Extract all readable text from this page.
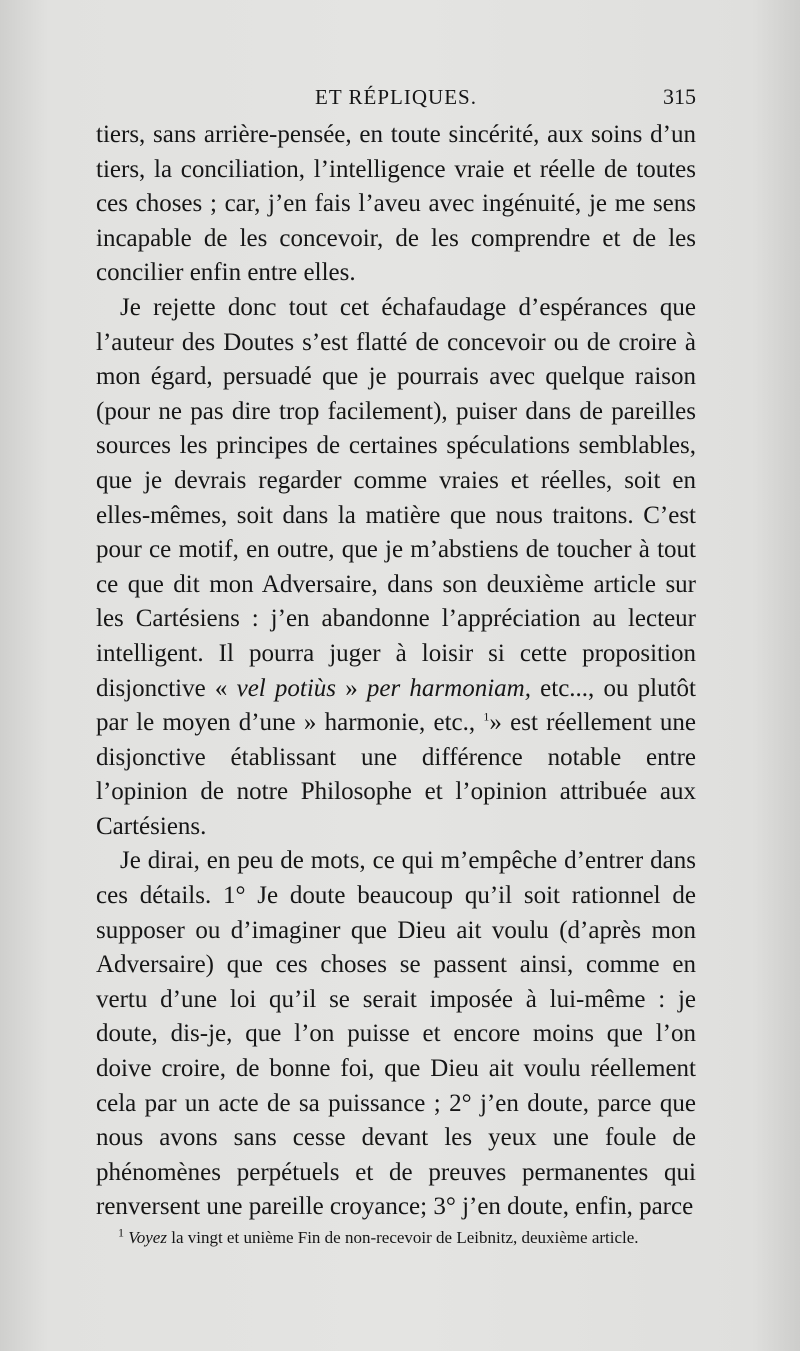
ET RÉPLIQUES.	315

tiers, sans arrière-pensée, en toute sincérité, aux soins d’un tiers, la conciliation, l’intelligence vraie et réelle de toutes ces choses ; car, j’en fais l’aveu avec ingénuité, je me sens incapable de les concevoir, de les comprendre et de les concilier enfin entre elles.

Je rejette donc tout cet échafaudage d’espérances que l’auteur des Doutes s’est flatté de concevoir ou de croire à mon égard, persuadé que je pourrais avec quelque raison (pour ne pas dire trop facilement), puiser dans de pareilles sources les principes de certaines spéculations semblables, que je devrais regarder comme vraies et réelles, soit en elles-mêmes, soit dans la matière que nous traitons. C’est pour ce motif, en outre, que je m’abstiens de toucher à tout ce que dit mon Adversaire, dans son deuxième article sur les Cartésiens : j’en abandonne l’appréciation au lecteur intelligent. Il pourra juger à loisir si cette proposition disjonctive « vel potiùs » per harmoniam, etc..., ou plutôt par le moyen d’une » harmonie, etc., $^1$» est réellement une disjonctive établissant une différence notable entre l’opinion de notre Philosophe et l’opinion attribuée aux Cartésiens.

Je dirai, en peu de mots, ce qui m’empêche d’entrer dans ces détails. 1° Je doute beaucoup qu’il soit rationnel de supposer ou d’imaginer que Dieu ait voulu (d’après mon Adversaire) que ces choses se passent ainsi, comme en vertu d’une loi qu’il se serait imposée à lui-même : je doute, dis-je, que l’on puisse et encore moins que l’on doive croire, de bonne foi, que Dieu ait voulu réellement cela par un acte de sa puissance ; 2° j’en doute, parce que nous avons sans cesse devant les yeux une foule de phénomènes perpétuels et de preuves permanentes qui renversent une pareille croyance; 3° j’en doute, enfin, parce

$^1$ Voyez la vingt et unième Fin de non-recevoir de Leibnitz, deuxième article.
